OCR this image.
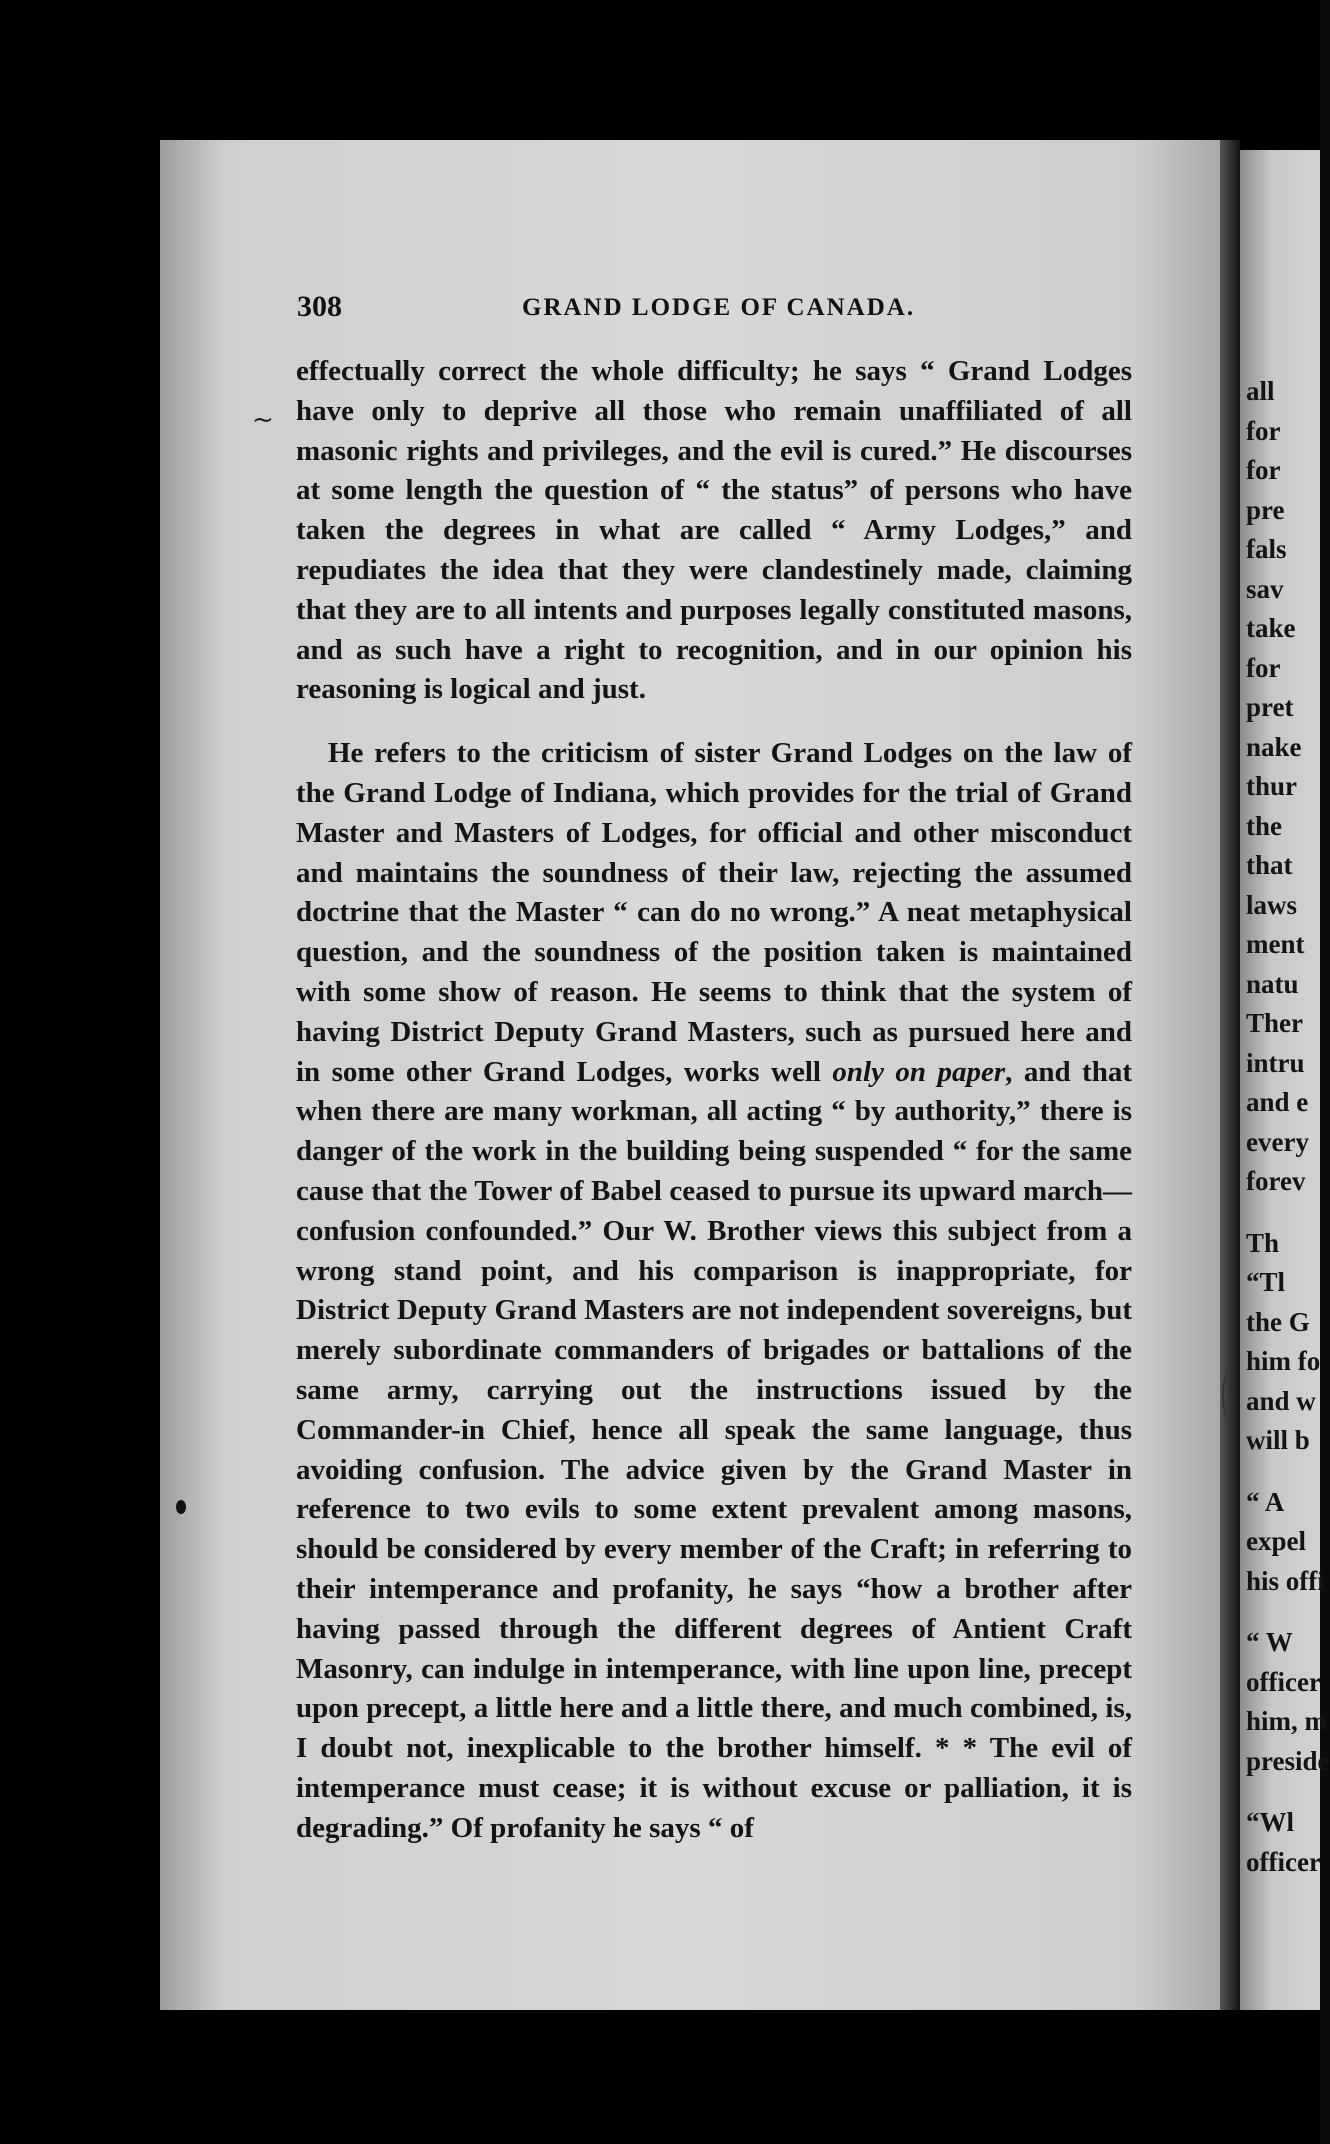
all
for
for
pre
fals
sav
take
for
pret
nake
thur
the
that
laws
ment
natu
Ther
intru
and e
every
forev
Th
“Tl
the G
him fo
and w
will b
“ A
expel
his offi
“ W
officer
him, m
preside
“Wl
officer
308	GRAND LODGE OF CANADA.
~

effectually correct the whole difficulty; he says “ Grand Lodges have only to deprive all those who remain unaffiliated of all masonic rights and privileges, and the evil is cured.” He discourses at some length the question of “ the status” of persons who have taken the degrees in what are called “ Army Lodges,” and repudiates the idea that they were clandestinely made, claiming that they are to all intents and purposes legally constituted masons, and as such have a right to recognition, and in our opinion his reasoning is logical and just.

He refers to the criticism of sister Grand Lodges on the law of the Grand Lodge of Indiana, which provides for the trial of Grand Master and Masters of Lodges, for official and other misconduct and maintains the soundness of their law, rejecting the assumed doctrine that the Master “ can do no wrong.” A neat metaphysical question, and the soundness of the position taken is maintained with some show of reason. He seems to think that the system of having District Deputy Grand Masters, such as pursued here and in some other Grand Lodges, works well only on paper, and that when there are many workman, all acting “ by authority,” there is danger of the work in the building being suspended “ for the same cause that the Tower of Babel ceased to pursue its upward march—confusion confounded.” Our W. Brother views this subject from a wrong stand point, and his comparison is inappropriate, for District Deputy Grand Masters are not independent sovereigns, but merely subordinate commanders of brigades or battalions of the same army, carrying out the instructions issued by the Commander-in Chief, hence all speak the same language, thus avoiding confusion. The advice given by the Grand Master in reference to two evils to some extent prevalent among masons, should be considered by every member of the Craft; in referring to their intemperance and profanity, he says “how a brother after having passed through the different degrees of Antient Craft Masonry, can indulge in intemperance, with line upon line, precept upon precept, a little here and a little there, and much combined, is, I doubt not, inexplicable to the brother himself. * * The evil of intemperance must cease; it is without excuse or palliation, it is degrading.” Of profanity he says “ of
